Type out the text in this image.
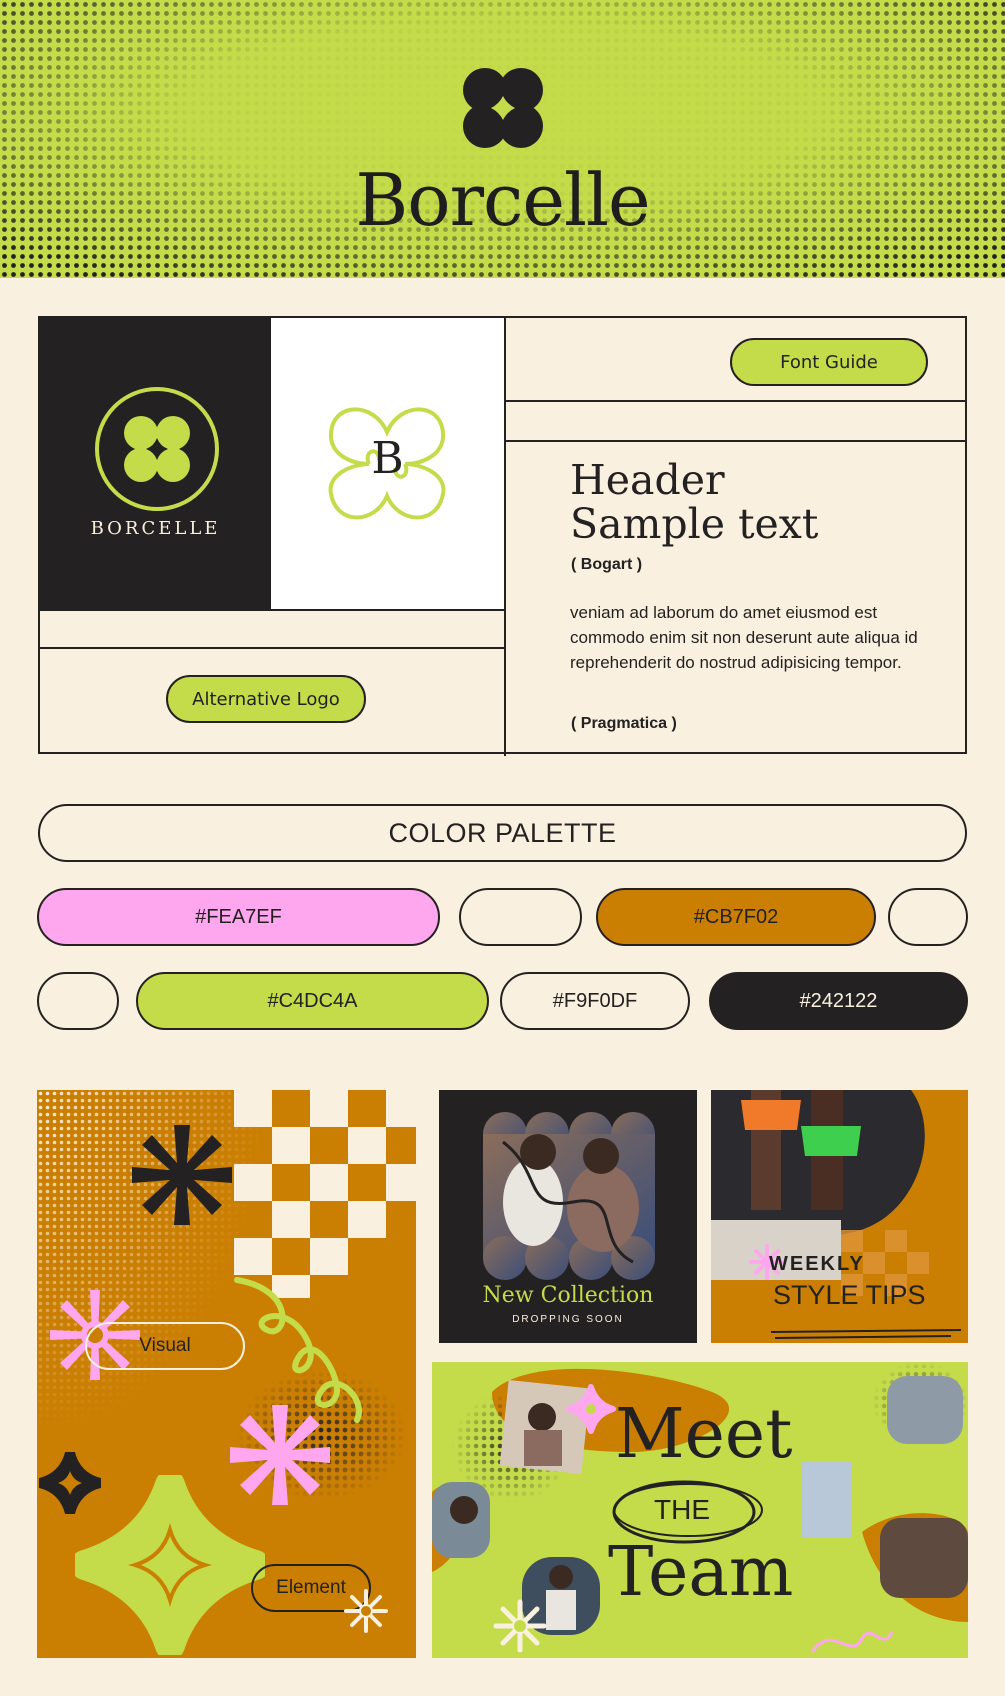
Borcelle
BORCELLE
B
Font Guide
Alternative Logo
Header
Sample text
( Bogart )
veniam ad laborum do amet eiusmod est commodo enim sit non deserunt aute aliqua id reprehenderit do nostrud adipisicing tempor.
( Pragmatica )
COLOR PALETTE
#FEA7EF	#CB7F02
#C4DC4A	#F9F0DF	#242122
Visual
Element
New Collection
DROPPING SOON
WEEKLY
STYLE TIPS
Meet
THE
Team
